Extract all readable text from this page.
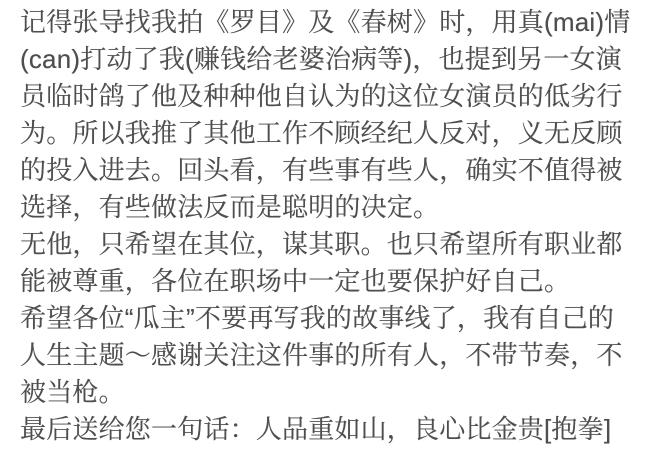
记得张导找我拍《罗目》及《春树》时，用真(mai)情
(can)打动了我(赚钱给老婆治病等)，也提到另一女演
员临时鸽了他及种种他自认为的这位女演员的低劣行
为。所以我推了其他工作不顾经纪人反对，义无反顾
的投入进去。回头看，有些事有些人，确实不值得被
选择，有些做法反而是聪明的决定。
无他，只希望在其位，谋其职。也只希望所有职业都
能被尊重，各位在职场中一定也要保护好自己。
希望各位“瓜主”不要再写我的故事线了，我有自己的
人生主题～感谢关注这件事的所有人，不带节奏，不
被当枪。
最后送给您一句话：人品重如山，良心比金贵[抱拳]
